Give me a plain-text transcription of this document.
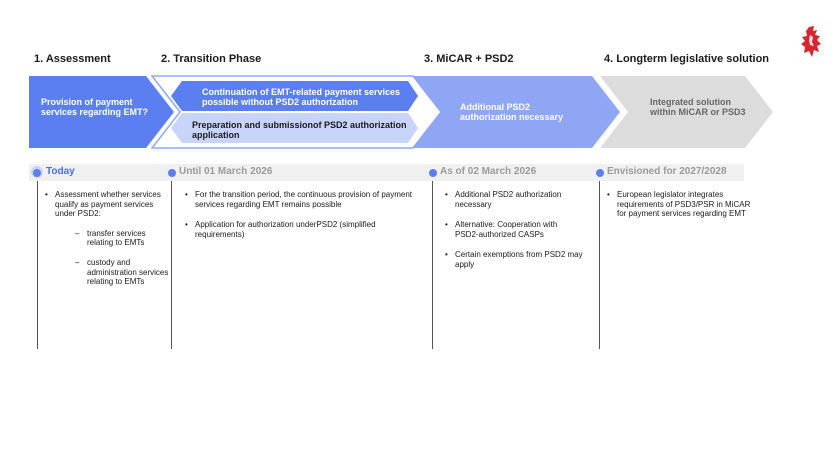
1. Assessment	2. Transition Phase	3. MiCAR + PSD2	4. Longterm legislative solution
Provision of payment services regarding EMT?
Continuation of EMT-related payment services possible without PSD2 authorization
Preparation and submissionof PSD2 authorization application
Additional PSD2 authorization necessary
Integrated solution within MiCAR or PSD3
Today	Until 01 March 2026	As of 02 March 2026	Envisioned for 2027/2028
• Assessment whether services qualify as payment services under PSD2:
– transfer services relating to EMTs
– custody and administration services relating to EMTs
• For the transition period, the continuous provision of payment services regarding EMT remains possible
• Application for authorization underPSD2 (simplified requirements)
• Additional PSD2 authorization necessary
• Alternative: Cooperation with PSD2-authorized CASPs
• Certain exemptions from PSD2 may apply
• European legislator integrates requirements of PSD3/PSR in MiCAR for payment services regarding EMT
